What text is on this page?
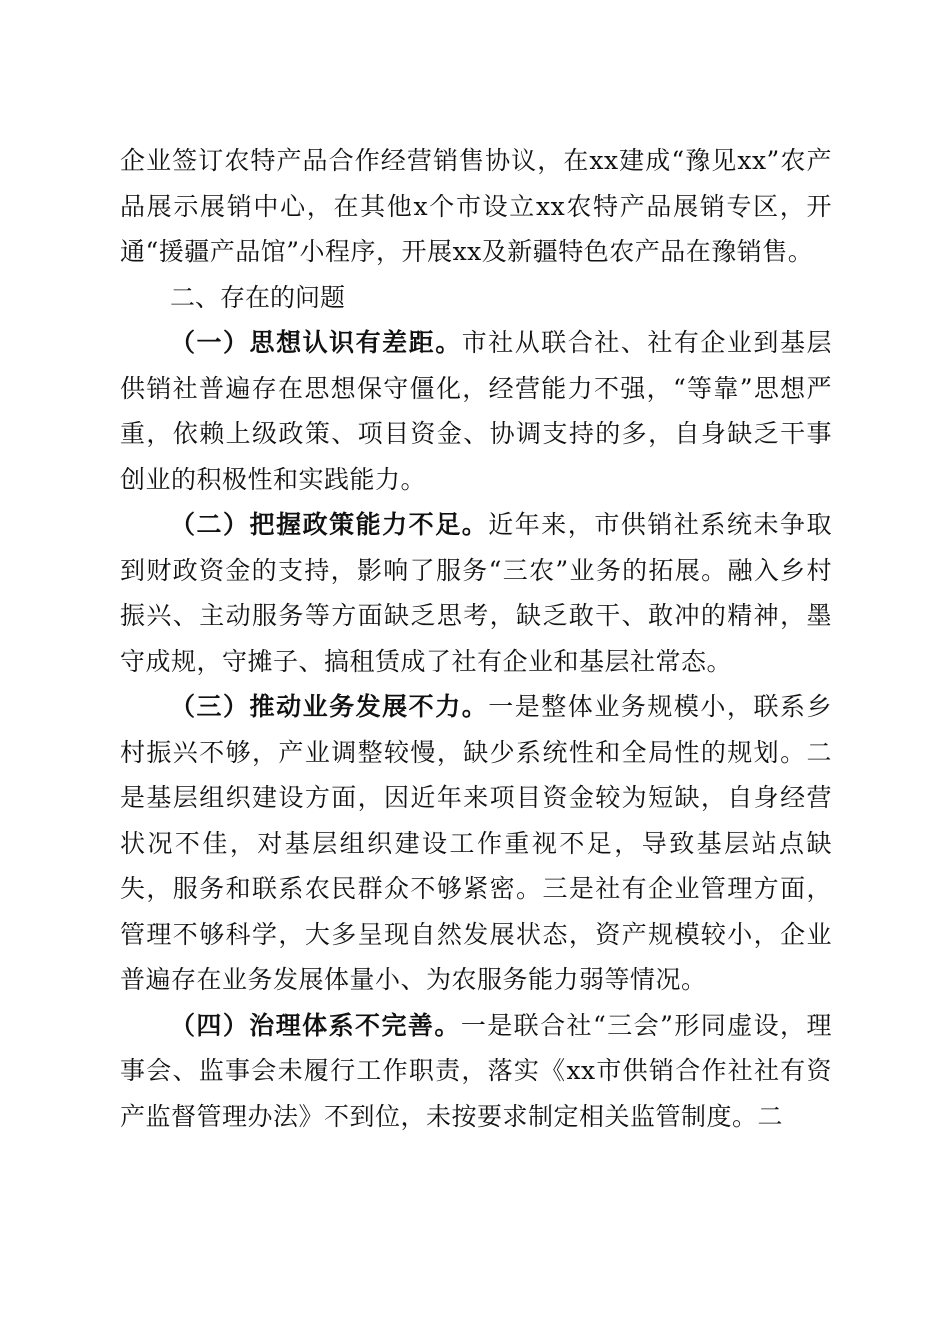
企业签订农特产品合作经营销售协议，在xx建成“豫见xx”农产品展示展销中心，在其他x个市设立xx农特产品展销专区，开通“援疆产品馆”小程序，开展xx及新疆特色农产品在豫销售。

二、存在的问题

（一）思想认识有差距。市社从联合社、社有企业到基层供销社普遍存在思想保守僵化，经营能力不强，“等靠”思想严重，依赖上级政策、项目资金、协调支持的多，自身缺乏干事创业的积极性和实践能力。

（二）把握政策能力不足。近年来，市供销社系统未争取到财政资金的支持，影响了服务“三农”业务的拓展。融入乡村振兴、主动服务等方面缺乏思考，缺乏敢干、敢冲的精神，墨守成规，守摊子、搞租赁成了社有企业和基层社常态。

（三）推动业务发展不力。一是整体业务规模小，联系乡村振兴不够，产业调整较慢，缺少系统性和全局性的规划。二是基层组织建设方面，因近年来项目资金较为短缺，自身经营状况不佳，对基层组织建设工作重视不足，导致基层站点缺失，服务和联系农民群众不够紧密。三是社有企业管理方面，管理不够科学，大多呈现自然发展状态，资产规模较小，企业普遍存在业务发展体量小、为农服务能力弱等情况。

（四）治理体系不完善。一是联合社“三会”形同虚设，理事会、监事会未履行工作职责，落实《xx市供销合作社社有资产监督管理办法》不到位，未按要求制定相关监管制度。二
